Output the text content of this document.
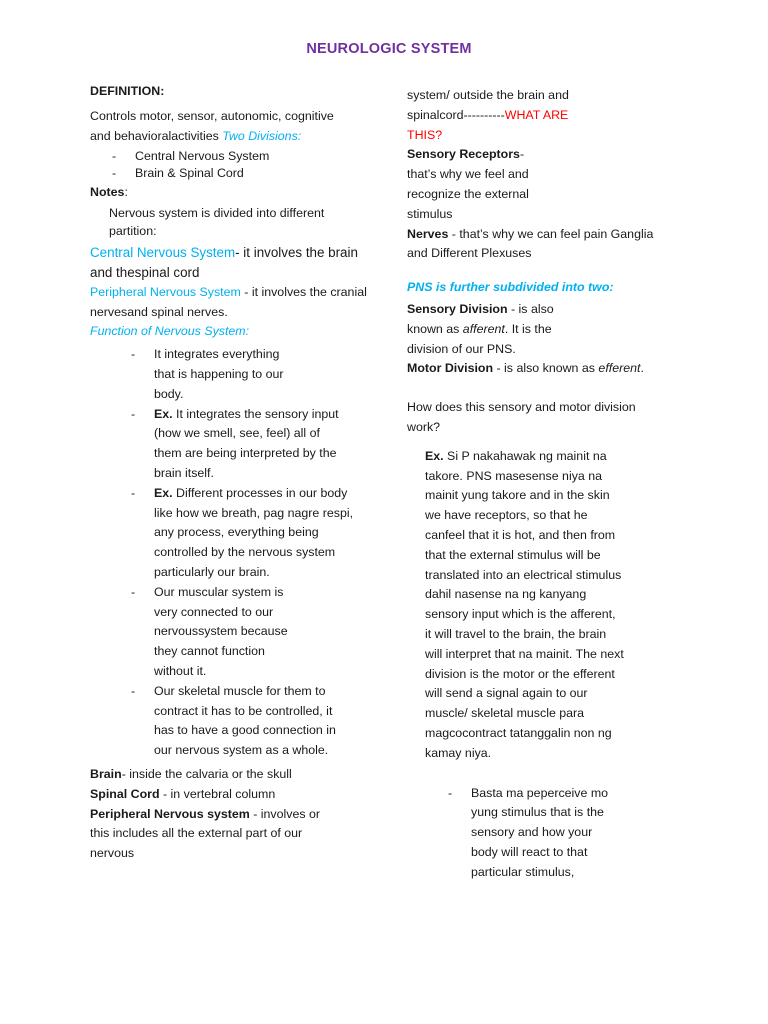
NEUROLOGIC SYSTEM

DEFINITION:

Controls motor, sensor, autonomic, cognitive and behavioralactivities Two Divisions:

- Central Nervous System
- Brain & Spinal Cord

Notes:

Nervous system is divided into different partition:

Central Nervous System- it involves the brain and thespinal cord

Peripheral Nervous System - it involves the cranial nervesand spinal nerves.

Function of Nervous System:

- It integrates everything that is happening to our body.
- Ex. It integrates the sensory input (how we smell, see, feel) all of them are being interpreted by the brain itself.
- Ex. Different processes in our body like how we breath, pag nagre respi, any process, everything being controlled by the nervous system particularly our brain.
- Our muscular system is very connected to our nervoussystem because they cannot function without it.
- Our skeletal muscle for them to contract it has to be controlled, it has to have a good connection in our nervous system as a whole.

Brain- inside the calvaria or the skull

Spinal Cord - in vertebral column

Peripheral Nervous system - involves or this includes all the external part of our nervous

system/ outside the brain and spinalcord----------WHAT ARE THIS?

Sensory Receptors- that’s why we feel and recognize the external stimulus

Nerves - that’s why we can feel pain Ganglia and Different Plexuses

PNS is further subdivided into two:

Sensory Division - is also known as afferent. It is the division of our PNS.

Motor Division - is also known as efferent.

How does this sensory and motor division work?

Ex. Si P nakahawak ng mainit na takore. PNS masesense niya na mainit yung takore and in the skin we have receptors, so that he canfeel that it is hot, and then from that the external stimulus will be translated into an electrical stimulus dahil nasense na ng kanyang sensory input which is the afferent, it will travel to the brain, the brain will interpret that na mainit. The next division is the motor or the efferent will send a signal again to our muscle/ skeletal muscle para magcocontract tatanggalin non ng kamay niya.

- Basta ma peperceive mo yung stimulus that is the sensory and how your body will react to that particular stimulus,
